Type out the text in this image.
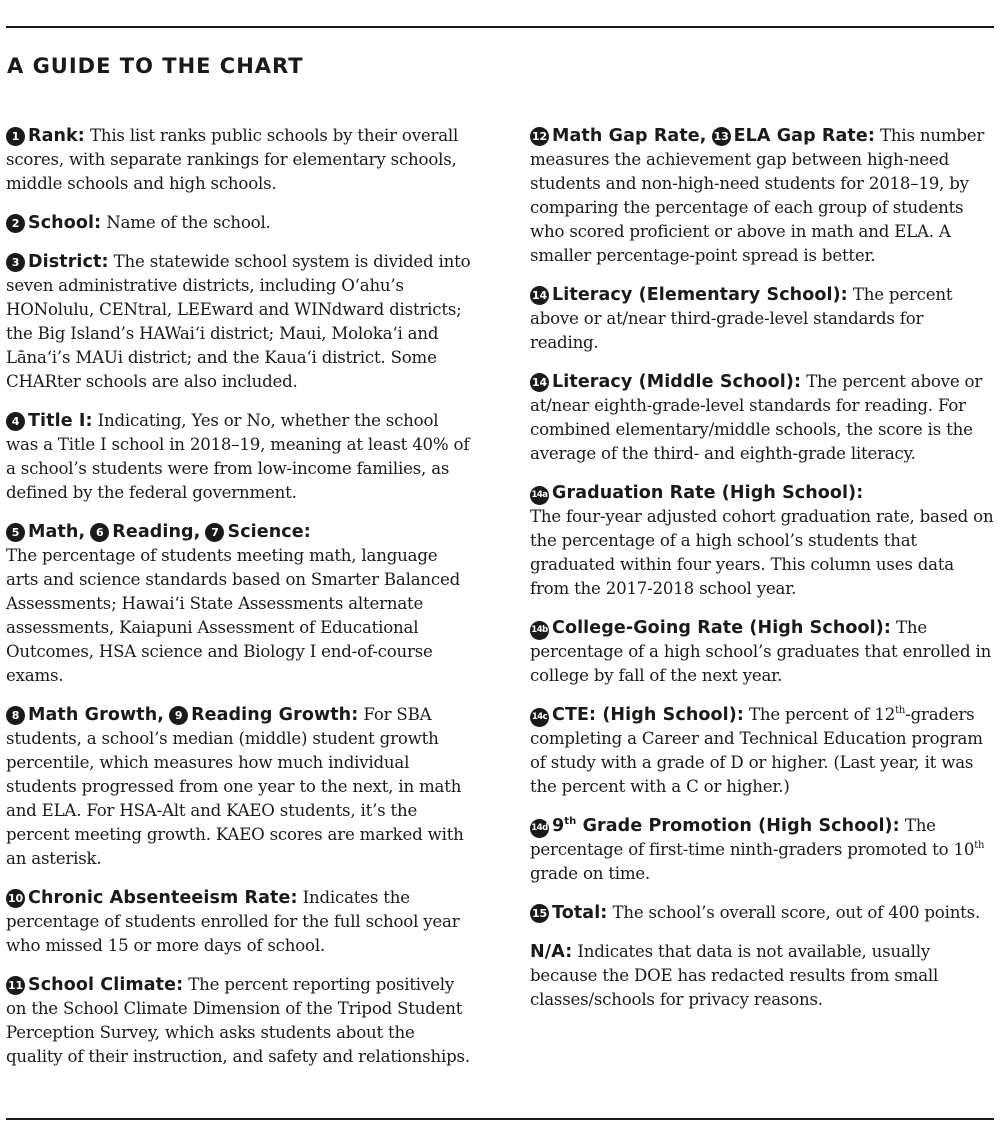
A GUIDE TO THE CHART

1 Rank: This list ranks public schools by their overall scores, with separate rankings for elementary schools, middle schools and high schools.

2 School: Name of the school.

3 District: The statewide school system is divided into seven administrative districts, including Oʻahu’s HONolulu, CENtral, LEEward and WINdward districts; the Big Island’s HAWaiʻi district; Maui, Molokaʻi and Lānaʻi’s MAUi district; and the Kauaʻi district. Some CHARter schools are also included.

4 Title I: Indicating, Yes or No, whether the school was a Title I school in 2018–19, meaning at least 40% of a school’s students were from low-income families, as defined by the federal government.

5 Math, 6 Reading, 7 Science:
The percentage of students meeting math, language arts and science standards based on Smarter Balanced Assessments; Hawaiʻi State Assessments alternate assessments, Kaiapuni Assessment of Educational Outcomes, HSA science and Biology I end-of-course exams.

8 Math Growth, 9 Reading Growth: For SBA students, a school’s median (middle) student growth percentile, which measures how much individual students progressed from one year to the next, in math and ELA. For HSA-Alt and KAEO students, it’s the percent meeting growth. KAEO scores are marked with an asterisk.

10 Chronic Absenteeism Rate: Indicates the percentage of students enrolled for the full school year who missed 15 or more days of school.

11 School Climate: The percent reporting positively on the School Climate Dimension of the Tripod Student Perception Survey, which asks students about the quality of their instruction, and safety and relationships.

12 Math Gap Rate, 13 ELA Gap Rate: This number measures the achievement gap between high-need students and non-high-need students for 2018–19, by comparing the percentage of each group of students who scored proficient or above in math and ELA. A smaller percentage-point spread is better.

14 Literacy (Elementary School): The percent above or at/near third-grade-level standards for reading.

14 Literacy (Middle School): The percent above or at/near eighth-grade-level standards for reading. For combined elementary/middle schools, the score is the average of the third- and eighth-grade literacy.

14a Graduation Rate (High School):
The four-year adjusted cohort graduation rate, based on the percentage of a high school’s students that graduated within four years. This column uses data from the 2017-2018 school year.

14b College-Going Rate (High School): The percentage of a high school’s graduates that enrolled in college by fall of the next year.

14c CTE: (High School): The percent of 12th-graders completing a Career and Technical Education program of study with a grade of D or higher. (Last year, it was the percent with a C or higher.)

14d 9th Grade Promotion (High School): The percentage of first-time ninth-graders promoted to 10th grade on time.

15 Total: The school’s overall score, out of 400 points.

N/A: Indicates that data is not available, usually because the DOE has redacted results from small classes/schools for privacy reasons.
